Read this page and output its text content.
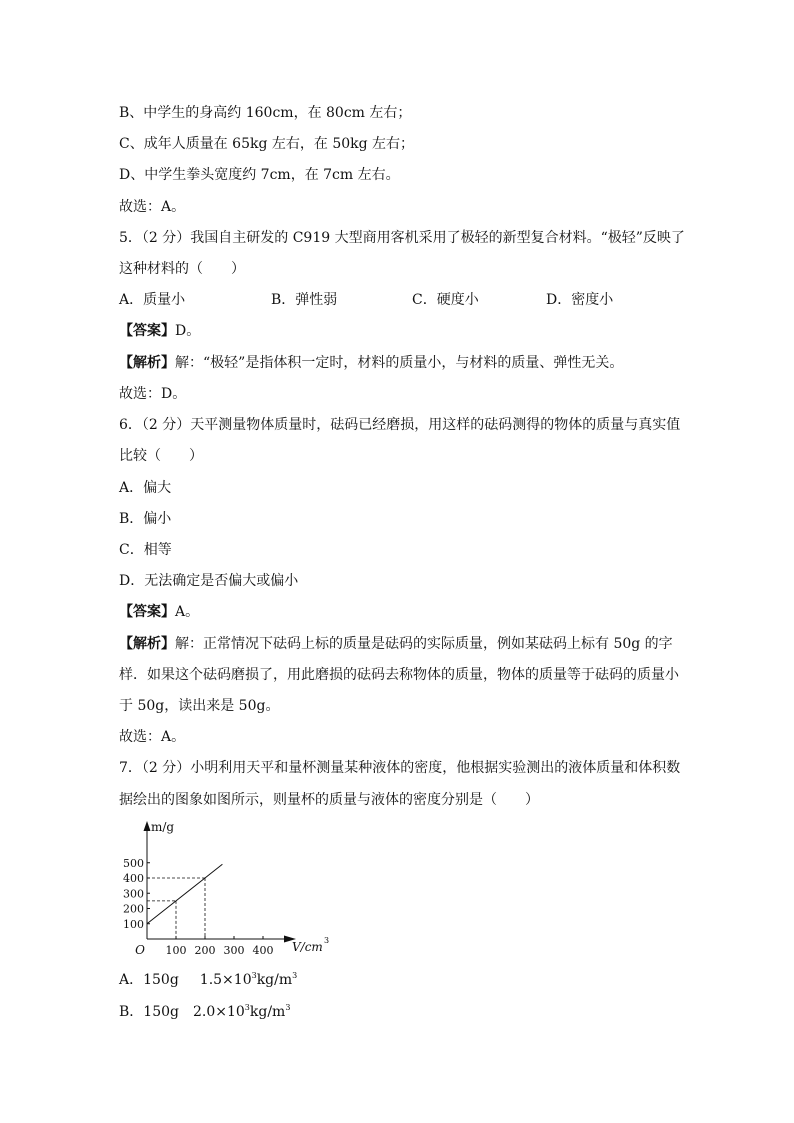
B、中学生的身高约 160cm，在 80cm 左右；
C、成年人质量在 65kg 左右，在 50kg 左右；
D、中学生拳头宽度约 7cm，在 7cm 左右。
故选：A。
5．（2 分）我国自主研发的 C919 大型商用客机采用了极轻的新型复合材料。“极轻”反映了
这种材料的（　　）
A．质量小	B．弹性弱	C．硬度小	D．密度小
【答案】D。
【解析】解：“极轻”是指体积一定时，材料的质量小，与材料的质量、弹性无关。
故选：D。
6．（2 分）天平测量物体质量时，砝码已经磨损，用这样的砝码测得的物体的质量与真实值
比较（　　）
A．偏大
B．偏小
C．相等
D．无法确定是否偏大或偏小
【答案】A。
【解析】解：正常情况下砝码上标的质量是砝码的实际质量，例如某砝码上标有 50g 的字
样．如果这个砝码磨损了，用此磨损的砝码去称物体的质量，物体的质量等于砝码的质量小
于 50g，读出来是 50g。
故选：A。
7．（2 分）小明利用天平和量杯测量某种液体的密度，他根据实验测出的液体质量和体积数
据绘出的图象如图所示，则量杯的质量与液体的密度分别是（　　）
100
200
300
400
500
100 200 300 400
m/g
V/cm 3
O
A．150g   $1.5\times 10^3kg/m^3$
B．150g   $2.0\times 10^3kg/m^3$
